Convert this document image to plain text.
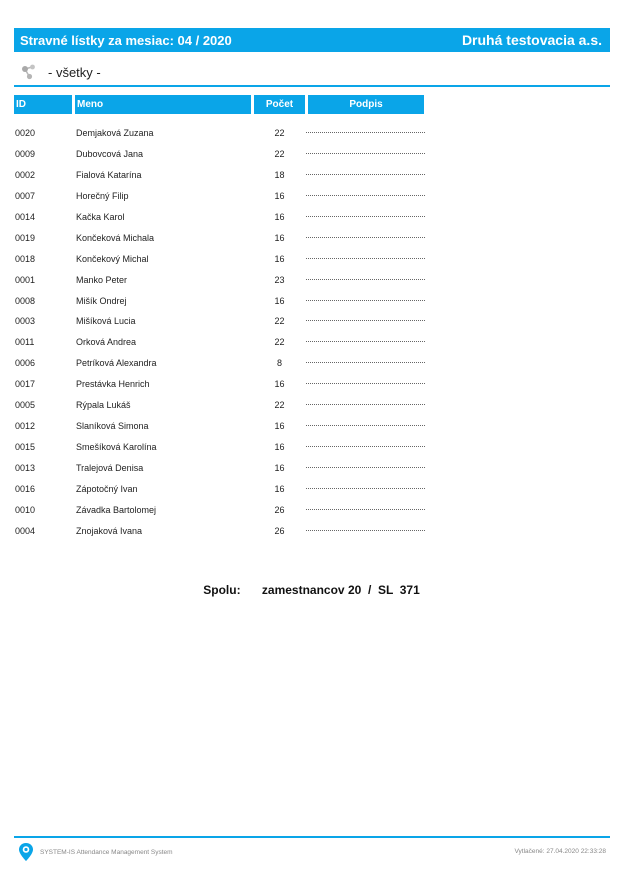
Stravné lístky za mesiac: 04 / 2020	Druhá testovacia a.s.
- všetky -
ID	Meno	Počet	Podpis
0020	Demjaková Zuzana	22
0009	Dubovcová Jana	22
0002	Fialová Katarína	18
0007	Horečný Filip	16
0014	Kačka Karol	16
0019	Končeková Michala	16
0018	Končekový Michal	16
0001	Manko Peter	23
0008	Mišík Ondrej	16
0003	Mišíková Lucia	22
0011	Orková Andrea	22
0006	Petríková Alexandra	8
0017	Prestávka Henrich	16
0005	Rýpala Lukáš	22
0012	Slaníková Simona	16
0015	Smešíková Karolína	16
0013	Tralejová Denisa	16
0016	Zápotočný Ivan	16
0010	Závadka Bartolomej	26
0004	Znojaková Ivana	26
Spolu: zamestnancov 20  /  SL  371
SYSTEM-IS Attendance Management System	Vytlačené: 27.04.2020 22:33:28
